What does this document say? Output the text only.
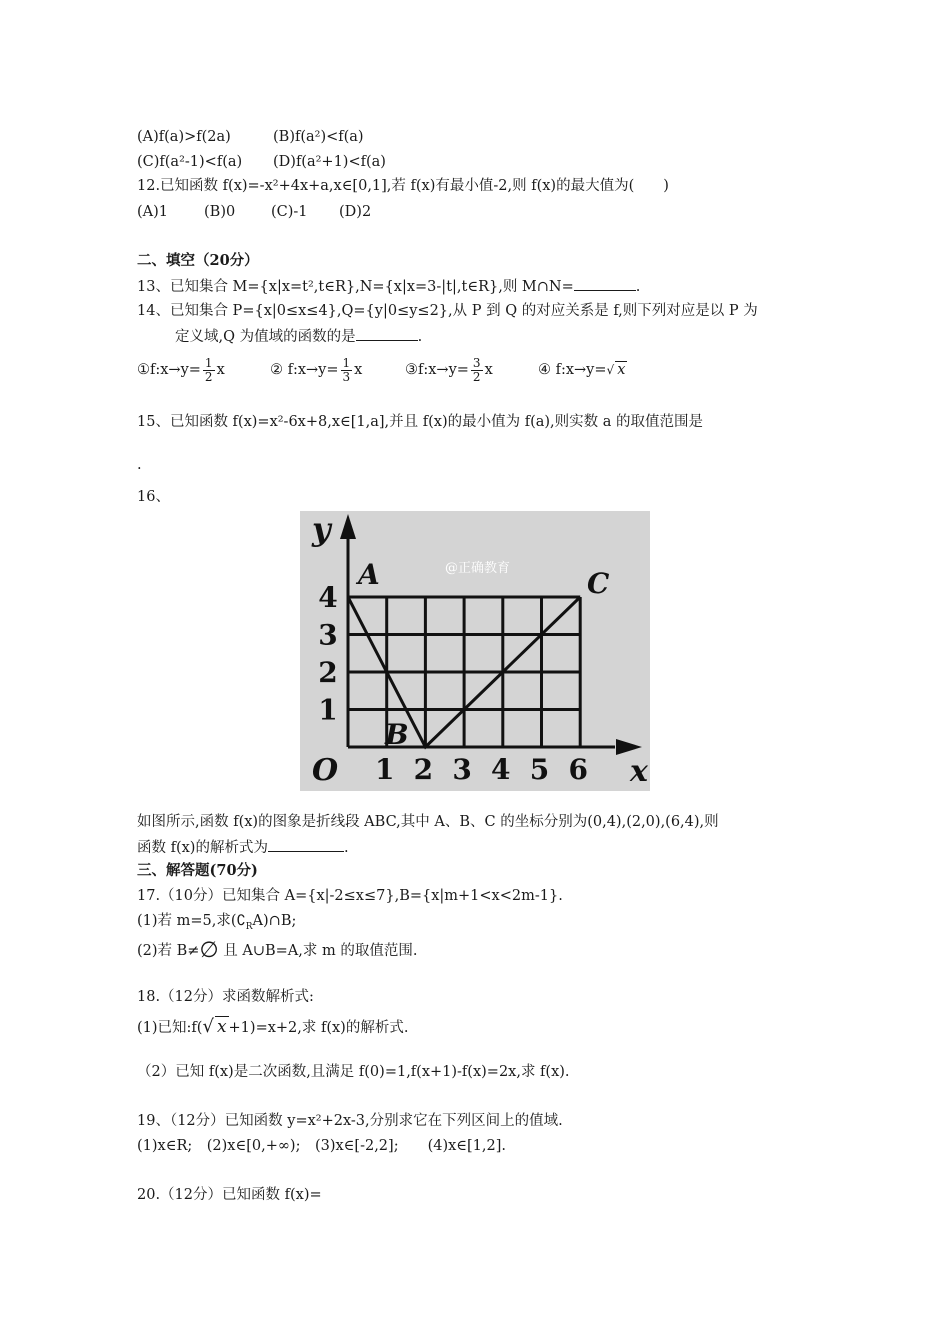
(A)f(a)>f(2a)	(B)f(a²)<f(a)
(C)f(a²-1)<f(a) (D)f(a²+1)<f(a)
12.已知函数 f(x)=-x²+4x+a,x∈[0,1],若 f(x)有最小值-2,则 f(x)的最大值为(　　)
(A)1 (B)0 (C)-1 (D)2
二、填空（20分）
13、已知集合 M={x|x=t²,t∈R},N={x|x=3-|t|,t∈R},则 M∩N=	.
14、已知集合 P={x|0≤x≤4},Q={y|0≤y≤2},从 P 到 Q 的对应关系是 f,则下列对应是以 P 为
定义域,Q 为值域的函数的是	.
①f:x→y= $\frac{1}{2}$ x	② f:x→y= $\frac{1}{3}$ x	③f:x→y= $\frac{3}{2}$ x	④ f:x→y=√ x
15、已知函数 f(x)=x²-6x+8,x∈[1,a],并且 f(x)的最小值为 f(a),则实数 a 的取值范围是
.
16、
@正确教育
y
x
O
A
B
C
1 2 3 4 5 6
1
2
3
4
如图所示,函数 f(x)的图象是折线段 ABC,其中 A、B、C 的坐标分别为(0,4),(2,0),(6,4),则
函数 f(x)的解析式为	.
三、解答题(70分)
17.（10分）已知集合 A={x|-2≤x≤7},B={x|m+1<x<2m-1}.
(1)若 m=5,求$(∁_RA)\cap B$;
(2)若 B≠∅ 且 A∪B=A,求 m 的取值范围.
18.（12分）求函数解析式:
(1)已知:f(√ x +1)=x+2,求 f(x)的解析式.
（2）已知 f(x)是二次函数,且满足 f(0)=1,f(x+1)-f(x)=2x,求 f(x).
19、（12分）已知函数 y=x²+2x-3,分别求它在下列区间上的值域.
(1)x∈R;　(2)x∈[0,+∞);　(3)x∈[-2,2];　　(4)x∈[1,2].
20.（12分）已知函数 f(x)=
